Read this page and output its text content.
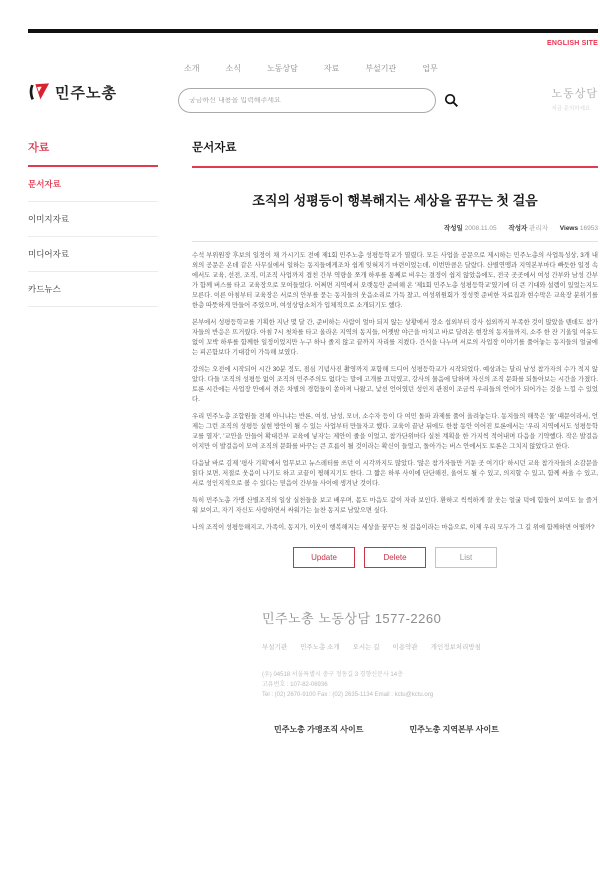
ENGLISH SITE
민주노총
소개	소식	노동상담	자료	부설기관	업무
궁금하신 내용을 입력해주세요
노동상담
지금 문의하세요
자료
문서자료
이미지자료
미디어자료
카드뉴스
문서자료
조직의 성평등이 행복해지는 세상을 꿈꾸는 첫 걸음
작성일 2008.11.05 작성자 관리자 Views 16953

수석 부위원장 후보의 일정이 채 가시기도 전에 제1회 민주노총 성평등학교가 열렸다. 모든 사업을 공문으로 제시하는 민주노총의 사업특성상, 3개 내외의 공문은 온데 같은 사무실에서 일하는 동지들에게조차 쉽게 잊혀지기 마련이었는데, 이번만큼은 달랐다. 산별연맹과 지역본부마다 빠듯한 일정 속에서도 교육, 선전, 조직, 미조직 사업까지 겹친 간부 역량을 쪼개 하루를 통째로 비우는 결정이 쉽지 않았음에도, 전국 곳곳에서 여성 간부와 남성 간부가 함께 버스를 타고 교육장으로 모여들었다. 어쩌면 지역에서 오랫동안 준비해 온 '제1회 민주노총 성평등학교'였기에 더 큰 기대와 설렘이 있었는지도 모른다. 이른 아침부터 교육장은 서로의 안부를 묻는 동지들의 웃음소리로 가득 찼고, 여성위원회가 정성껏 준비한 자료집과 현수막은 교육장 분위기를 한층 따뜻하게 만들어 주었으며, 여성상담소처가 입체적으로 소개되기도 했다.

본부에서 성평등학교를 기획한 지난 몇 달 간, 준비하는 사람이 얼마 되지 않는 상황에서 장소 섭외부터 강사 섭외까지 부족한 것이 많았을 텐데도 참가자들의 반응은 뜨거웠다. 아침 7시 첫차를 타고 올라온 지역의 동지들, 어젯밤 야근을 마치고 바로 달려온 현장의 동지들까지, 소주 한 잔 기울일 여유도 없이 꼬박 하루를 함께한 일정이었지만 누구 하나 졸지 않고 끝까지 자리를 지켰다. 간식을 나누며 서로의 사업장 이야기를 풀어놓는 동지들의 얼굴에는 피곤함보다 기대감이 가득해 보였다.

강의는 오전에 시작되어 시간 30분 정도, 점심 기념사진 촬영까지 포함해 드디어 성평등학교가 시작되었다. 예상과는 달리 남성 참가자의 수가 적지 않았다. 다들 '조직의 성평등 없이 조직의 민주주의도 없다'는 말에 고개를 끄덕였고, 강사의 물음에 답하며 자신의 조직 문화를 되돌아보는 시간을 가졌다. 토론 시간에는 사업장 안에서 겪은 차별의 경험들이 쏟아져 나왔고, 낯선 언어였던 성인지 관점이 조금씩 우리들의 언어가 되어가는 것을 느낄 수 있었다.

우리 민주노총 조합원들 전체 아니냐는 반론, 여성, 남성, 모녀, 소수자 등이 다 여민 돌파 과제를 풀어 올려놓는다. 동지들의 해묵은 '물' 때문이라서, 언제는 그런 조직의 성평등 실현 방안이 될 수 있는 사업부터 만들자고 했다. 교육이 끝난 뒤에도 한참 동안 이어진 토론에서는 '우리 지역에서도 성평등학교를 열자', '교안을 만들어 확대간부 교육에 넣자'는 제안이 줄을 이었고, 참가단위마다 실천 계획을 한 가지씩 적어내며 다음을 기약했다. 작은 발걸음이지만 이 발걸음이 모여 조직의 문화를 바꾸는 큰 흐름이 될 것이라는 확신이 들었고, 돌아가는 버스 안에서도 토론은 그치지 않았다고 한다.

다음날 바로 김제 '평사 기획'에서 업무보고 뉴스레터를 쓰던 이 시각까지도 많았다. '많은 참가자들만 거둔 곳 여기다' 하시던 교육 참가자들의 소감문을 읽다 보면, 저절로 웃음이 나기도 하고 코끝이 찡해지기도 한다. 그 짧은 하루 사이에 단단해진, 울어도 될 수 있고, 의지할 수 있고, 함께 싸울 수 있고, 서로 성인지적으로 볼 수 있다는 믿음이 간부들 사이에 생겨난 것이다.

특히 민주노총 가맹 산별조직의 일상 실천들을 보고 배우며, 몸도 마음도 같이 자라 보인다. 환하고 씩씩하게 잘 웃는 얼굴 덕에 힘들어 보여도 늘 즐거워 보이고, 자기 자신도 사랑하면서 싸워가는 늘찬 동지로 남았으면 싶다.

나의 조직이 성평등해지고, 가족이, 동지가, 이웃이 행복해지는 세상을 꿈꾸는 첫 걸음이라는 마음으로, 이제 우리 모두가 그 길 위에 함께하면 어떨까?

Update	Delete	List
민주노총 노동상담 1577-2260
부설기관 민주노총 소개 오시는 길 이용약관 개인정보처리방침
(우) 04518 서울특별시 중구 정동길 3 경향신문사 14층
고유번호 : 107-82-06936
Tel : (02) 2670-9100 Fax : (02) 2635-1134 Email : kctu@kctu.org
민주노총 가맹조직 사이트	민주노총 지역본부 사이트
